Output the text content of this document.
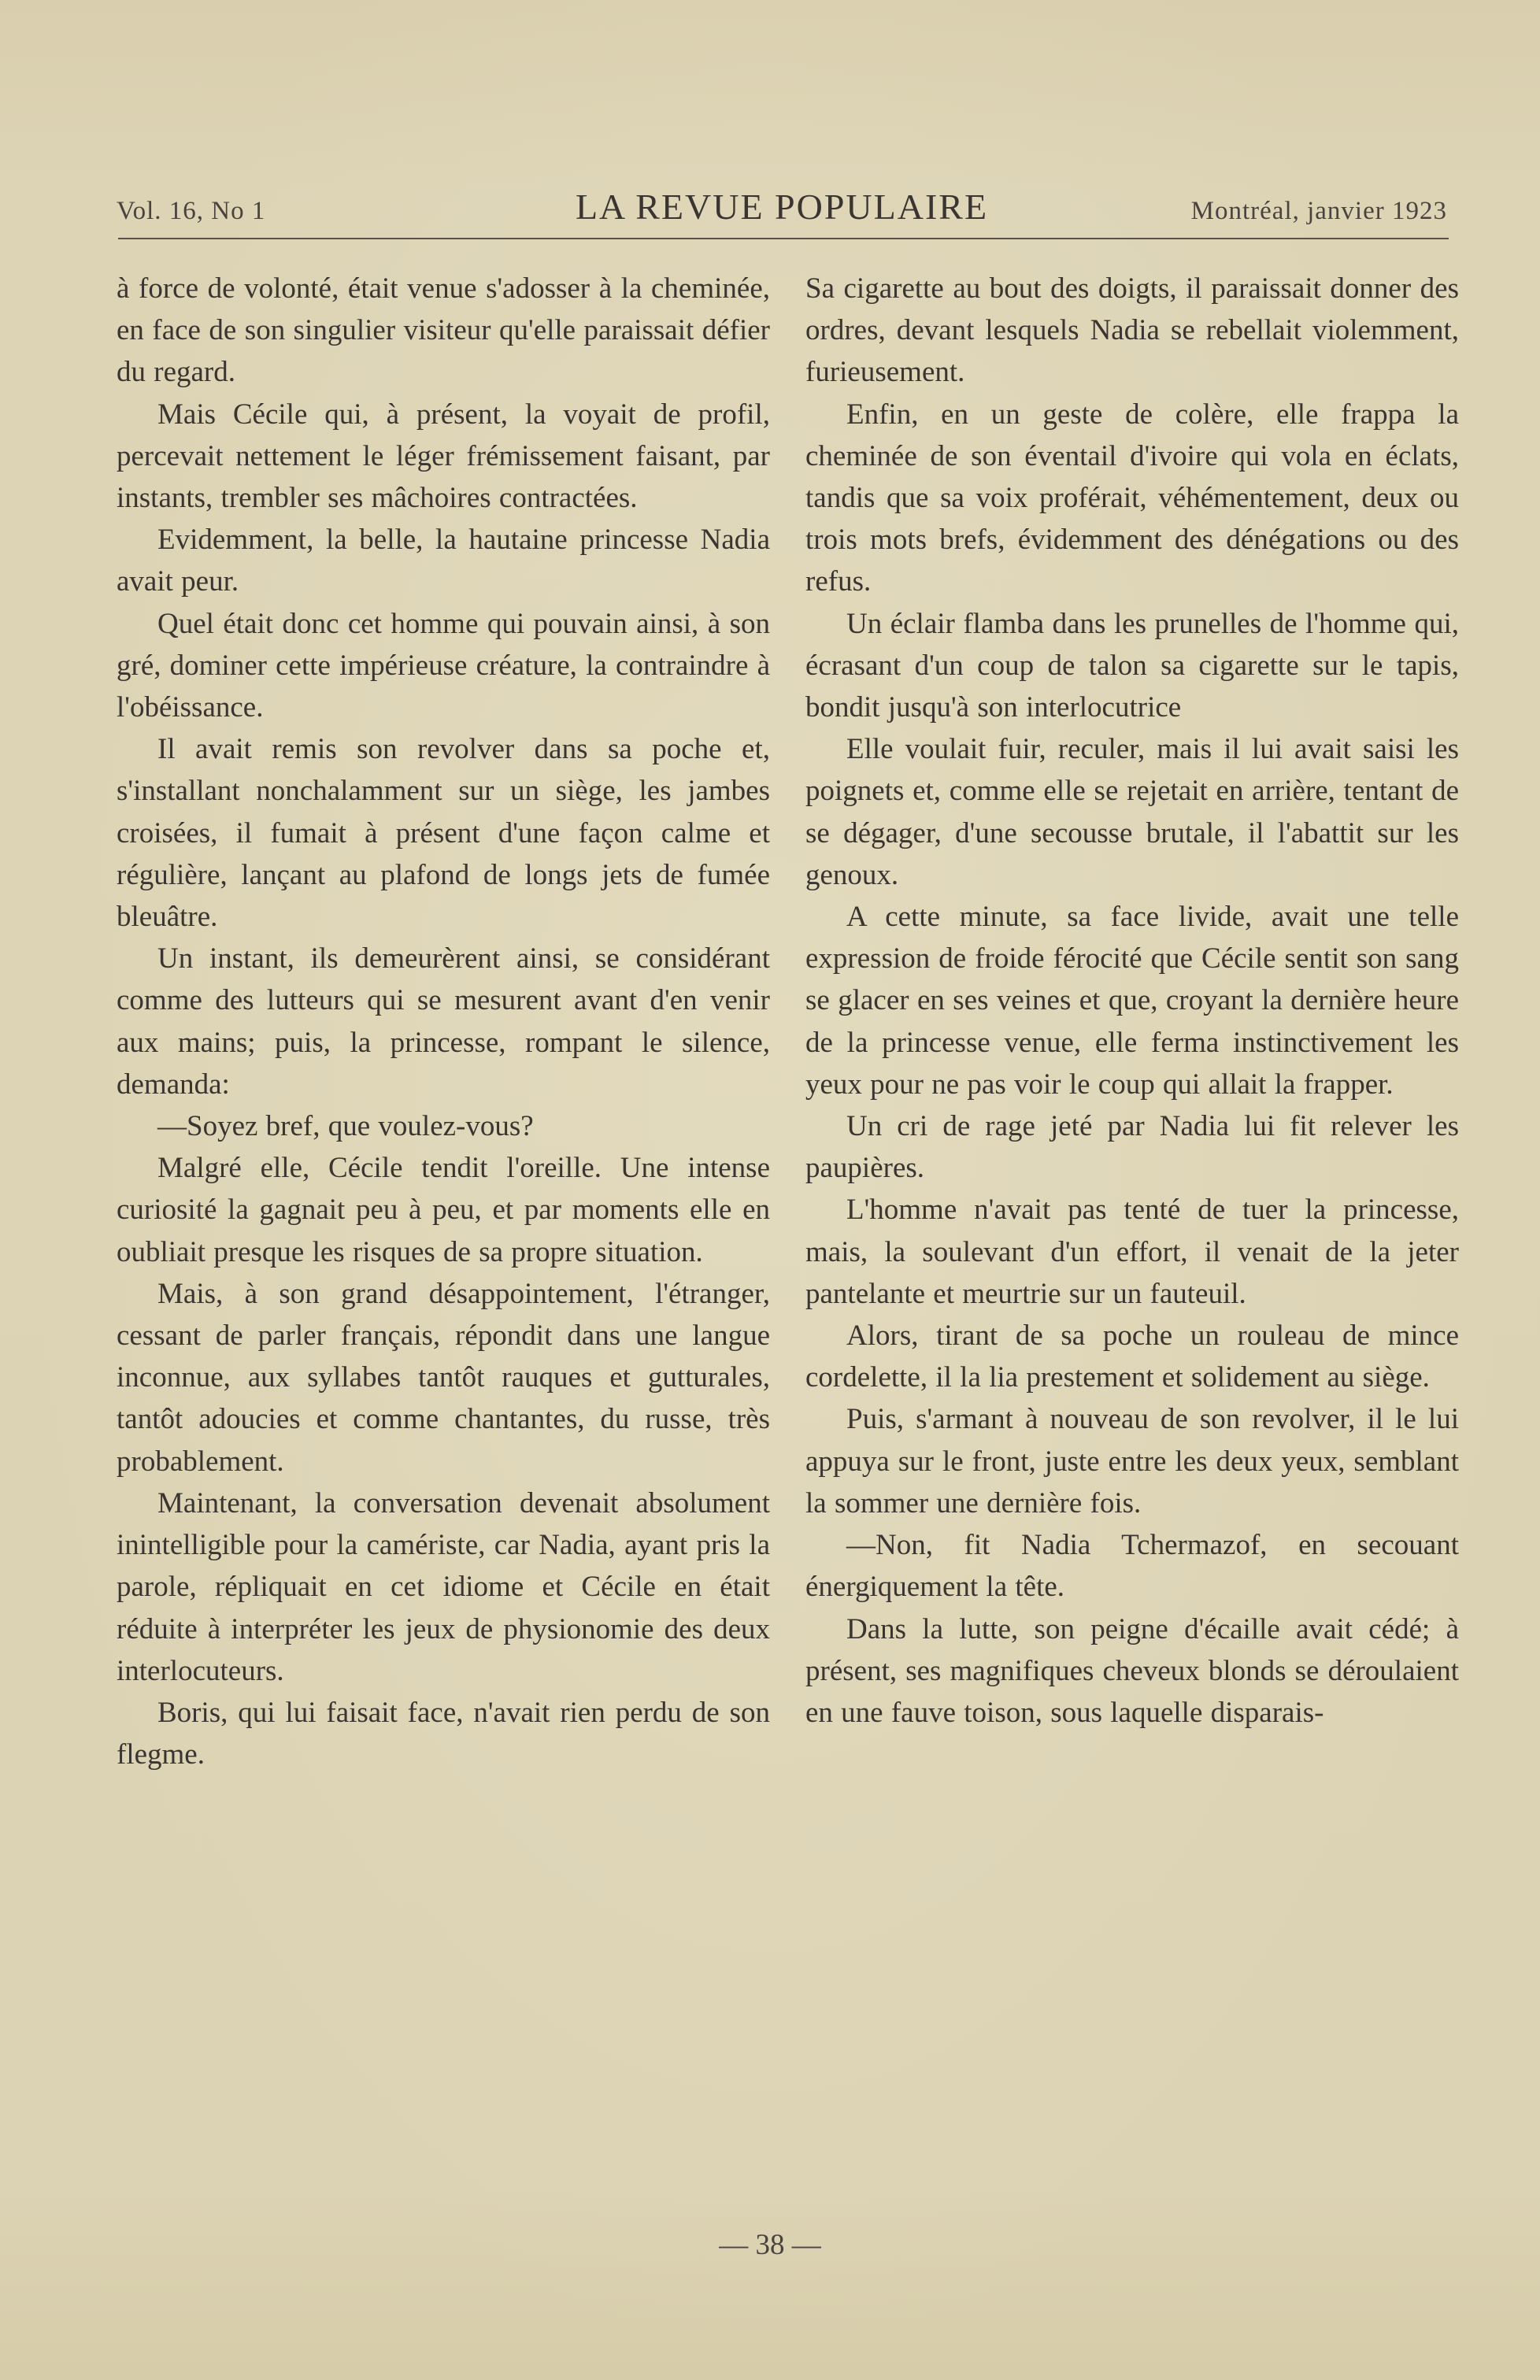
Vol. 16, No 1	LA REVUE POPULAIRE	Montréal, janvier 1923

à force de volonté, était venue s'adosser à la cheminée, en face de son singulier visiteur qu'elle paraissait défier du regard.

Mais Cécile qui, à présent, la voyait de profil, percevait nettement le léger frémissement faisant, par instants, trembler ses mâchoires contractées.

Evidemment, la belle, la hautaine princesse Nadia avait peur.

Quel était donc cet homme qui pouvain ainsi, à son gré, dominer cette impérieuse créature, la contraindre à l'obéissance.

Il avait remis son revolver dans sa poche et, s'installant nonchalamment sur un siège, les jambes croisées, il fumait à présent d'une façon calme et régulière, lançant au plafond de longs jets de fumée bleuâtre.

Un instant, ils demeurèrent ainsi, se considérant comme des lutteurs qui se mesurent avant d'en venir aux mains; puis, la princesse, rompant le silence, demanda:

—Soyez bref, que voulez-vous?

Malgré elle, Cécile tendit l'oreille. Une intense curiosité la gagnait peu à peu, et par moments elle en oubliait presque les risques de sa propre situation.

Mais, à son grand désappointement, l'étranger, cessant de parler français, répondit dans une langue inconnue, aux syllabes tantôt rauques et gutturales, tantôt adoucies et comme chantantes, du russe, très probablement.

Maintenant, la conversation devenait absolument inintelligible pour la camériste, car Nadia, ayant pris la parole, répliquait en cet idiome et Cécile en était réduite à interpréter les jeux de physionomie des deux interlocuteurs.

Boris, qui lui faisait face, n'avait rien perdu de son flegme.

Sa cigarette au bout des doigts, il paraissait donner des ordres, devant lesquels Nadia se rebellait violemment, furieusement.

Enfin, en un geste de colère, elle frappa la cheminée de son éventail d'ivoire qui vola en éclats, tandis que sa voix proférait, véhémentement, deux ou trois mots brefs, évidemment des dénégations ou des refus.

Un éclair flamba dans les prunelles de l'homme qui, écrasant d'un coup de talon sa cigarette sur le tapis, bondit jusqu'à son interlocutrice

Elle voulait fuir, reculer, mais il lui avait saisi les poignets et, comme elle se rejetait en arrière, tentant de se dégager, d'une secousse brutale, il l'abattit sur les genoux.

A cette minute, sa face livide, avait une telle expression de froide férocité que Cécile sentit son sang se glacer en ses veines et que, croyant la dernière heure de la princesse venue, elle ferma instinctivement les yeux pour ne pas voir le coup qui allait la frapper.

Un cri de rage jeté par Nadia lui fit relever les paupières.

L'homme n'avait pas tenté de tuer la princesse, mais, la soulevant d'un effort, il venait de la jeter pantelante et meurtrie sur un fauteuil.

Alors, tirant de sa poche un rouleau de mince cordelette, il la lia prestement et solidement au siège.

Puis, s'armant à nouveau de son revolver, il le lui appuya sur le front, juste entre les deux yeux, semblant la sommer une dernière fois.

—Non, fit Nadia Tchermazof, en secouant énergiquement la tête.

Dans la lutte, son peigne d'écaille avait cédé; à présent, ses magnifiques cheveux blonds se déroulaient en une fauve toison, sous laquelle disparais-

— 38 —
